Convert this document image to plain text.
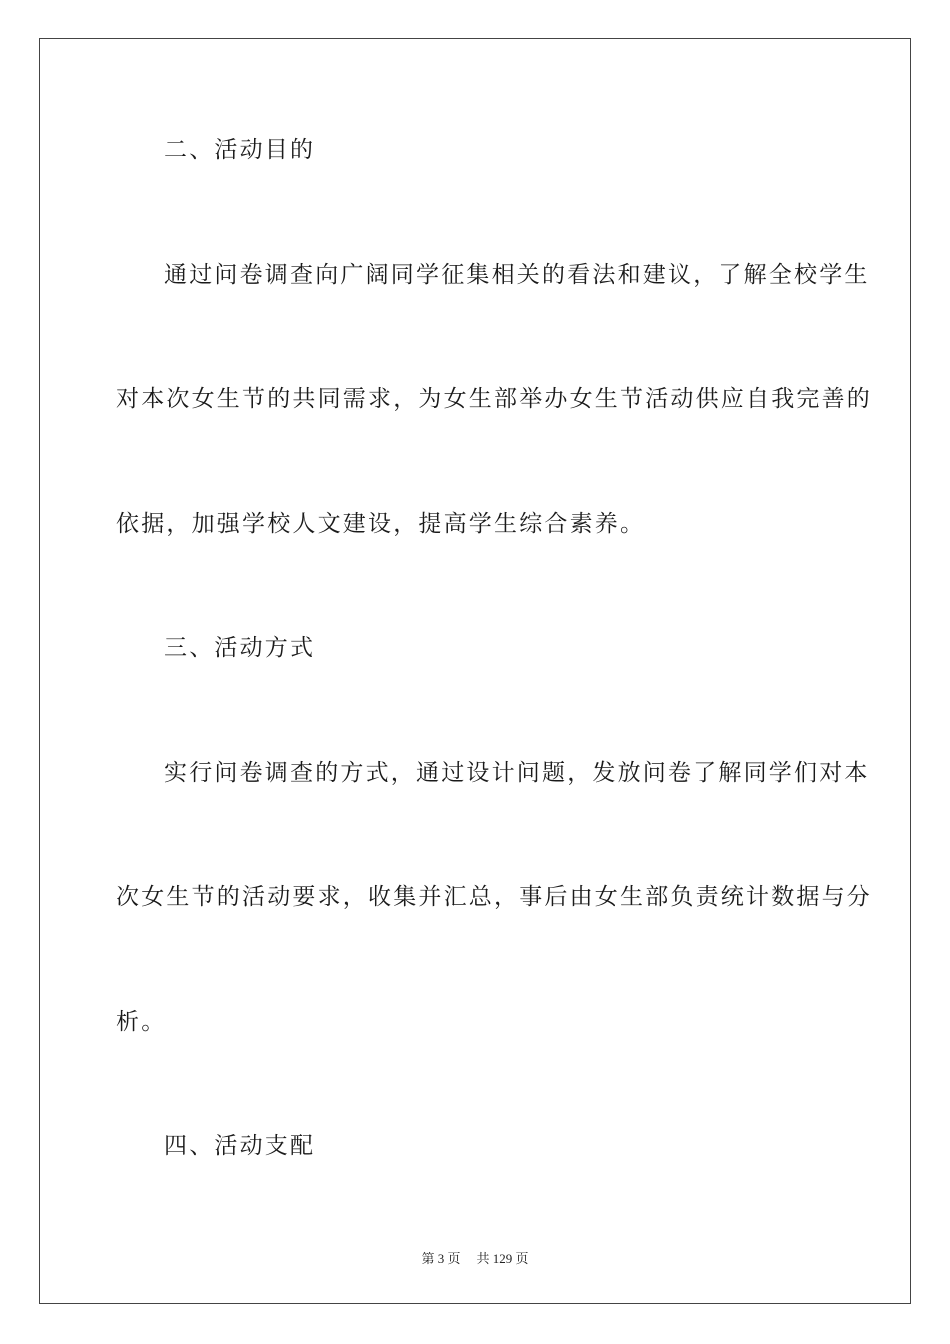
二、活动目的
通过问卷调查向广阔同学征集相关的看法和建议，了解全校学生
对本次女生节的共同需求，为女生部举办女生节活动供应自我完善的
依据，加强学校人文建设，提高学生综合素养。
三、活动方式
实行问卷调查的方式，通过设计问题，发放问卷了解同学们对本
次女生节的活动要求，收集并汇总，事后由女生部负责统计数据与分
析。
四、活动支配
第 3 页 共 129 页
